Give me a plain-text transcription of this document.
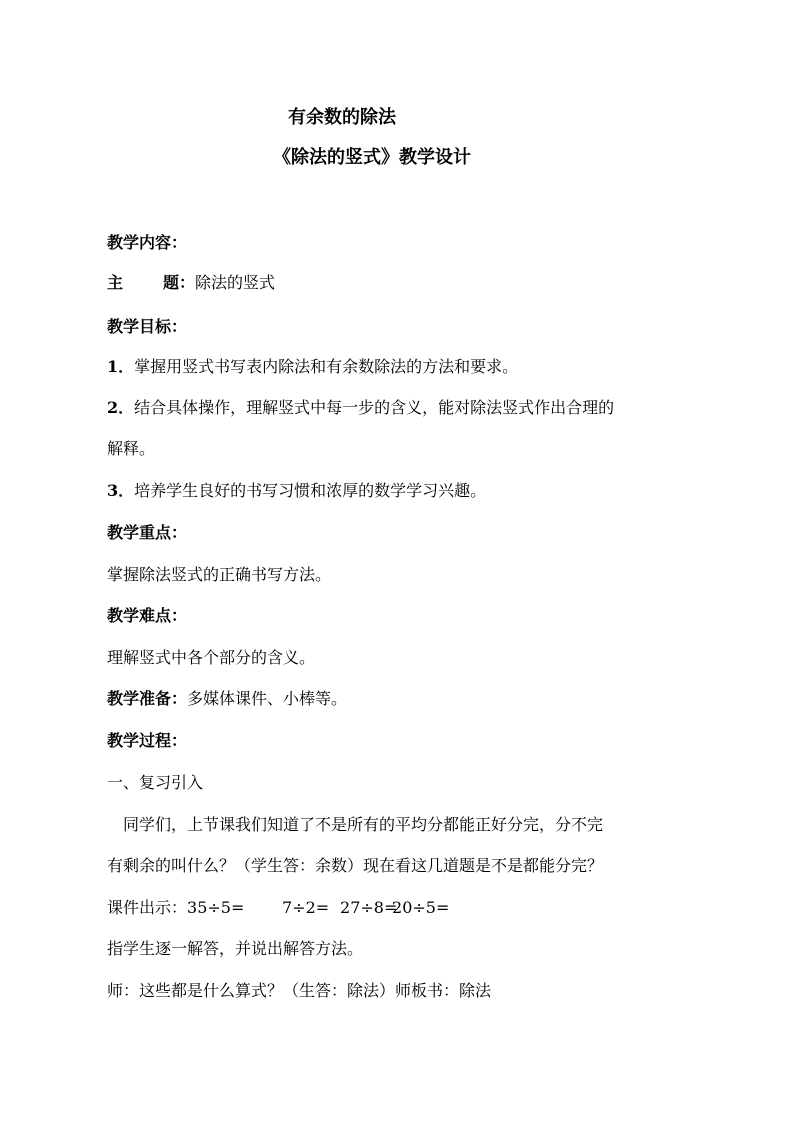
有余数的除法
《除法的竖式》教学设计
教学内容：
主	题：除法的竖式
教学目标：
1．掌握用竖式书写表内除法和有余数除法的方法和要求。
2．结合具体操作，理解竖式中每一步的含义，能对除法竖式作出合理的
解释。
3．培养学生良好的书写习惯和浓厚的数学学习兴趣。
教学重点：
掌握除法竖式的正确书写方法。
教学难点：
理解竖式中各个部分的含义。
教学准备：多媒体课件、小棒等。
教学过程：
一、复习引入
同学们，上节课我们知道了不是所有的平均分都能正好分完，分不完
有剩余的叫什么？（学生答：余数）现在看这几道题是不是都能分完？
课件出示：35÷5= 7÷2= 27÷8=20÷5=
指学生逐一解答，并说出解答方法。
师：这些都是什么算式？（生答：除法）师板书：除法
